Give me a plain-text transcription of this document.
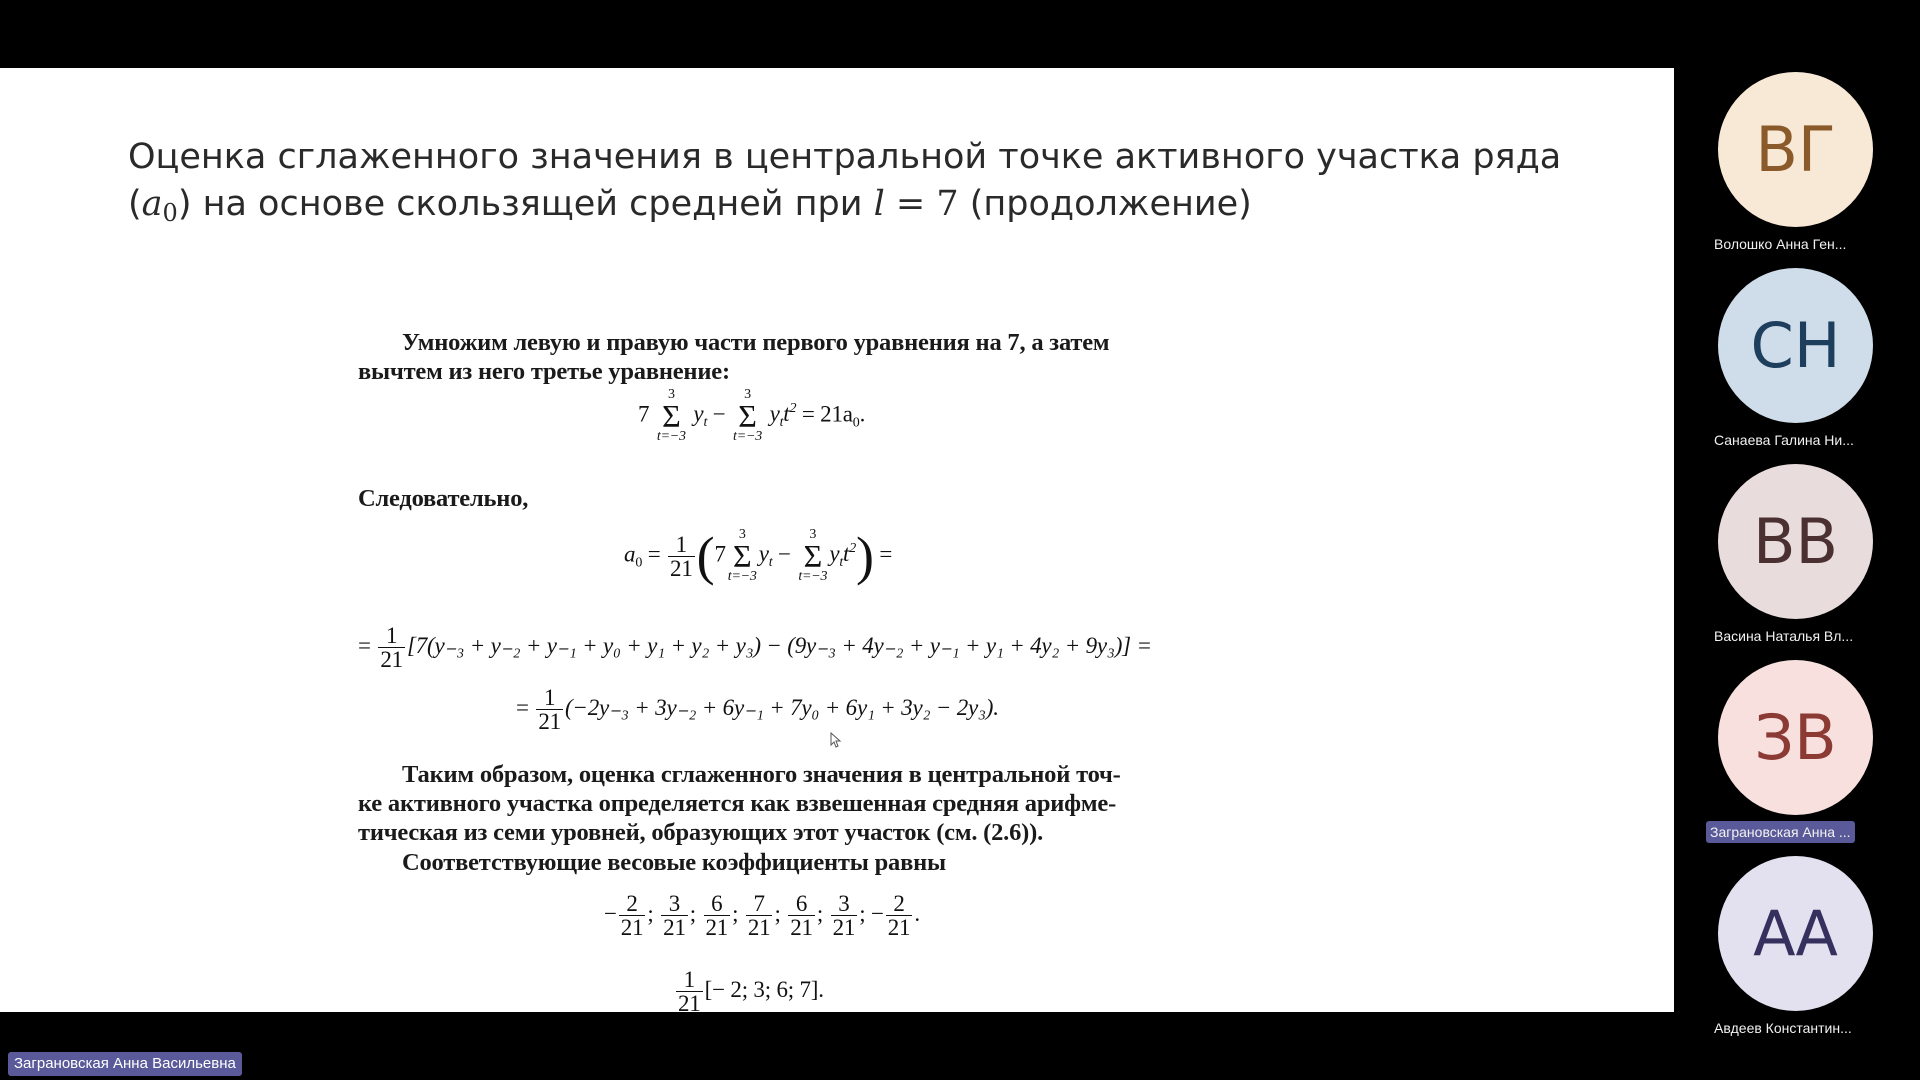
Оценка сглаженного значения в центральной точке активного участка ряда
$(a_0)$ на основе скользящей средней при l = 7 (продолжение)
Умножим левую и правую части первого уравнения на 7, а затем
вычтем из него третье уравнение:
7
3
Σ
t=−3
$y_t$ −
3
Σ
t=−3
$y_tt^2 = 21a_0$.
Следовательно,
$a_0 = \frac{1}{21} (7$
3
Σ
t=−3
$y_t$ −
3
Σ
t=−3
$y_tt^2$) =
= $\frac{1}{21} [7(y_{-3} + y_{-2} + y_{-1} + y_0 + y_1 + y_2 + y_3) - (9y_{-3} + 4y_{-2} + y_{-1} + y_1 + 4y_2 + 9y_3)]$ =
= $\frac{1}{21} (-2y_{-3} + 3y_{-2} + 6y_{-1} + 7y_0 + 6y_1 + 3y_2 - 2y_3)$.
Таким образом, оценка сглаженного значения в центральной точ-
ке активного участка определяется как взвешенная средняя арифме-
тическая из семи уровней, образующих этот участок (см. (2.6)).
Соответствующие весовые коэффициенты равны
− $\frac{2}{21}$ ; $\frac{3}{21}$ ; $\frac{6}{21}$ ; $\frac{7}{21}$ ; $\frac{6}{21}$ ; $\frac{3}{21}$ ; − $\frac{2}{21}$ .
$\frac{1}{21}$ [− 2; 3; 6; 7].
ВГ
Волошко Анна Ген...
СН
Санаева Галина Ни...
ВВ
Васина Наталья Вл...
ЗВ
Заграновская Анна ...
АА
Авдеев Константин...
Заграновская Анна Васильевна
